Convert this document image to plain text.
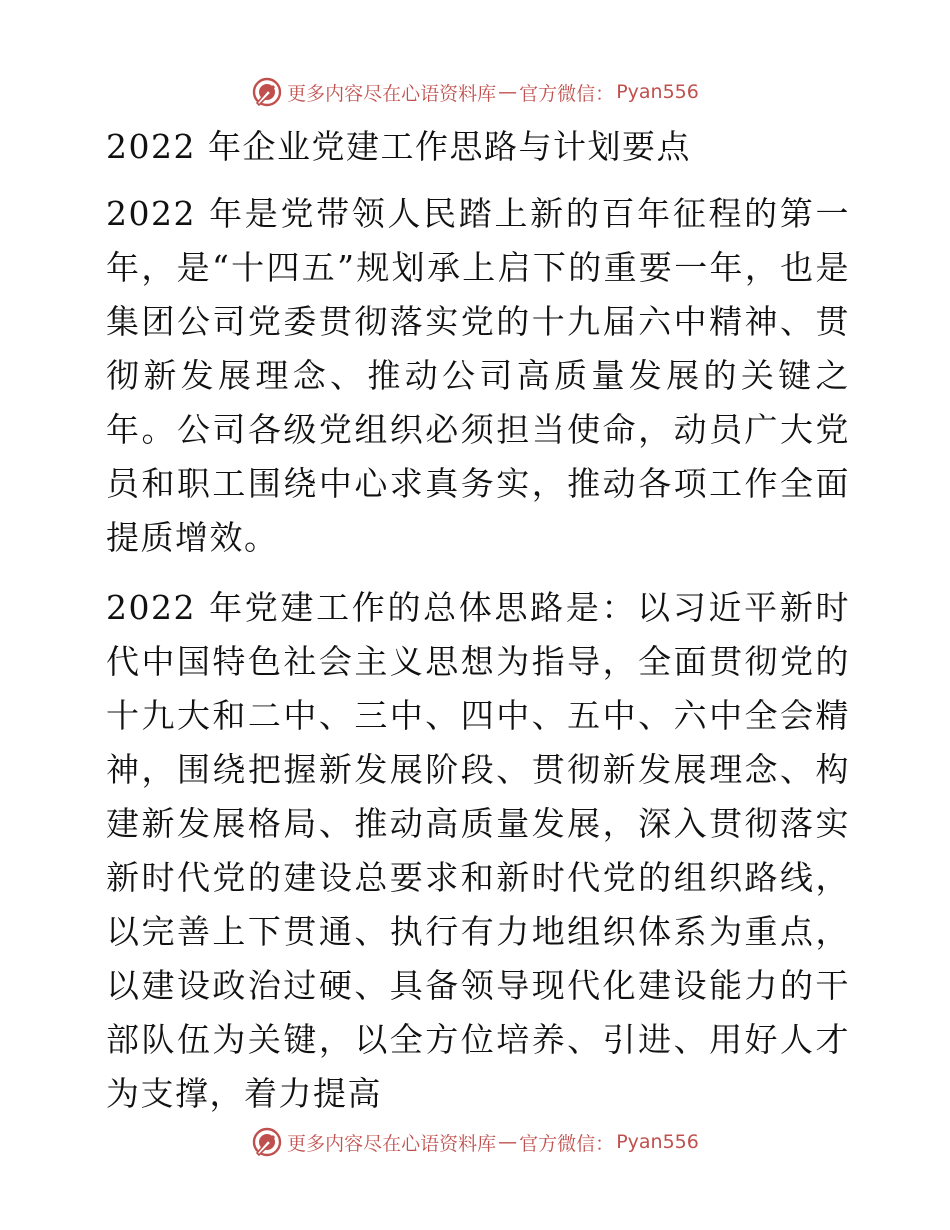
更多内容尽在心语资料库 — 官方微信： Pyan556
2022 年企业党建工作思路与计划要点

2022 年是党带领人民踏上新的百年征程的第一年，是“十四五”规划承上启下的重要一年，也是集团公司党委贯彻落实党的十九届六中精神、贯彻新发展理念、推动公司高质量发展的关键之年。公司各级党组织必须担当使命，动员广大党员和职工围绕中心求真务实，推动各项工作全面提质增效。

2022 年党建工作的总体思路是：以习近平新时代中国特色社会主义思想为指导，全面贯彻党的十九大和二中、三中、四中、五中、六中全会精神，围绕把握新发展阶段、贯彻新发展理念、构建新发展格局、推动高质量发展，深入贯彻落实新时代党的建设总要求和新时代党的组织路线，以完善上下贯通、执行有力地组织体系为重点，以建设政治过硬、具备领导现代化建设能力的干部队伍为关键，以全方位培养、引进、用好人才为支撑，着力提高

更多内容尽在心语资料库 — 官方微信： Pyan556
